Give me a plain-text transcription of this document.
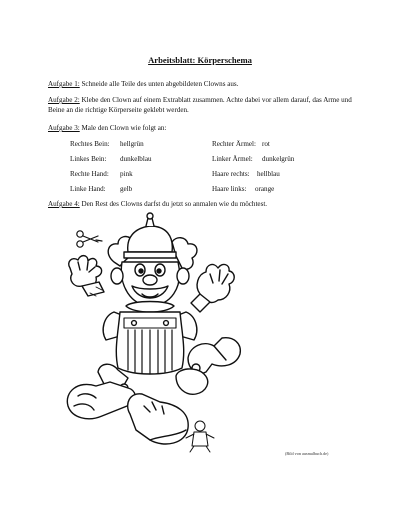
Arbeitsblatt: Körperschema

Aufgabe 1: Schneide alle Teile des unten abgebildeten Clowns aus.

Aufgabe 2: Klebe den Clown auf einem Extrablatt zusammen. Achte dabei vor allem darauf, das Arme und Beine an die richtige Körperseite geklebt werden.

Aufgabe 3: Male den Clown wie folgt an:

Rechtes Bein: hellgrün
Linkes Bein: dunkelblau
Rechte Hand: pink
Linke Hand: gelb
Rechter Ärmel: rot
Linker Ärmel: dunkelgrün
Haare rechts: hellblau
Haare links: orange

Aufgabe 4: Den Rest des Clowns darfst du jetzt so anmalen wie du möchtest.

(Bild von ausmalbuch.de)
